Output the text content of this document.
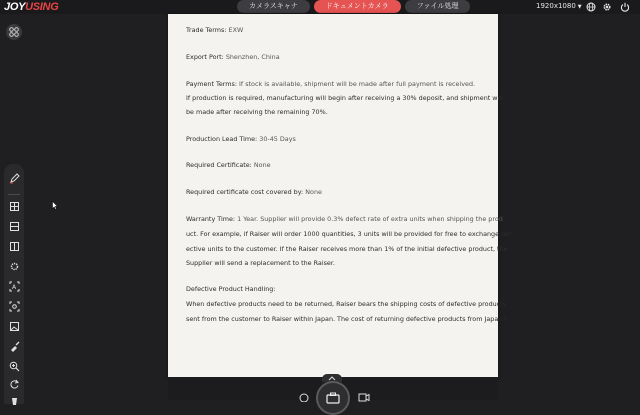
JOYUSING	カメラスキャナ	ドキュメントカメラ	ファイル処理	1920x1080 ▼
A
Trade Terms: EXW
Export Port: Shenzhen, China
Payment Terms: If stock is available, shipment will be made after full payment is received.
If production is required, manufacturing will begin after receiving a 30% deposit, and shipment will
be made after receiving the remaining 70%.
Production Lead Time: 30-45 Days
Required Certificate: None
Required certificate cost covered by: None
Warranty Time: 1 Year. Supplier will provide 0.3% defect rate of extra units when shipping the prod
uct. For example, if Raiser will order 1000 quantities, 3 units will be provided for free to exchange def
ective units to the customer. If the Raiser receives more than 1% of the initial defective product, the
Supplier will send a replacement to the Raiser.
Defective Product Handling:
When defective products need to be returned, Raiser bears the shipping costs of defective products
sent from the customer to Raiser within Japan. The cost of returning defective products from Japan t
